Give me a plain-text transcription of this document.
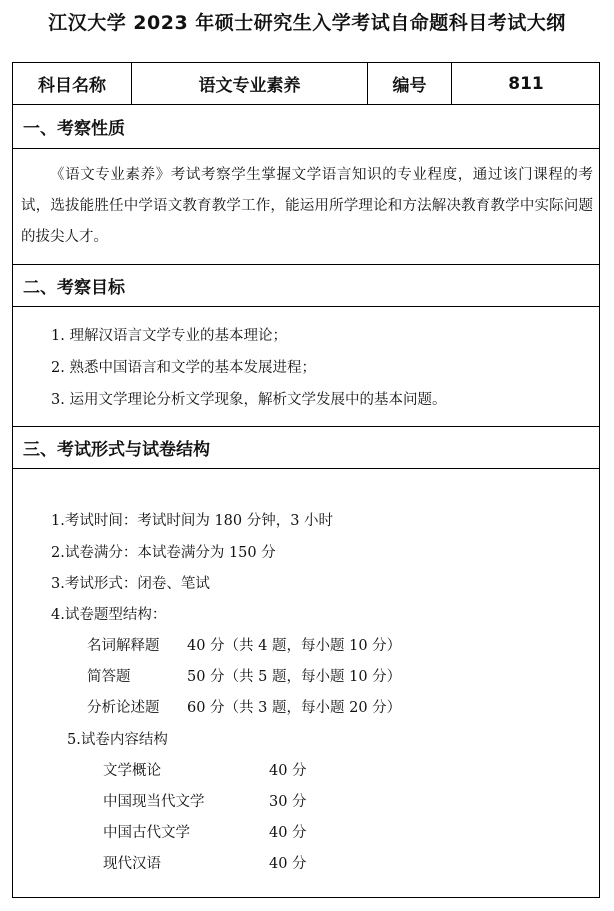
江汉大学 2023 年硕士研究生入学考试自命题科目考试大纲
科目名称	语文专业素养	编号	811
一、考察性质
《语文专业素养》考试考察学生掌握文学语言知识的专业程度，通过该门课程的考试，选拔能胜任中学语文教育教学工作，能运用所学理论和方法解决教育教学中实际问题的拔尖人才。
二、考察目标
1. 理解汉语言文学专业的基本理论；
2. 熟悉中国语言和文学的基本发展进程；
3. 运用文学理论分析文学现象，解析文学发展中的基本问题。
三、考试形式与试卷结构
1.考试时间：考试时间为 180 分钟，3 小时
2.试卷满分：本试卷满分为 150 分
3.考试形式：闭卷、笔试
4.试卷题型结构：
名词解释题 40 分（共 4 题，每小题 10 分）
简答题	50 分（共 5 题，每小题 10 分）
分析论述题 60 分（共 3 题，每小题 20 分）
5.试卷内容结构
文学概论	40 分
中国现当代文学	30 分
中国古代文学	40 分
现代汉语	40 分
